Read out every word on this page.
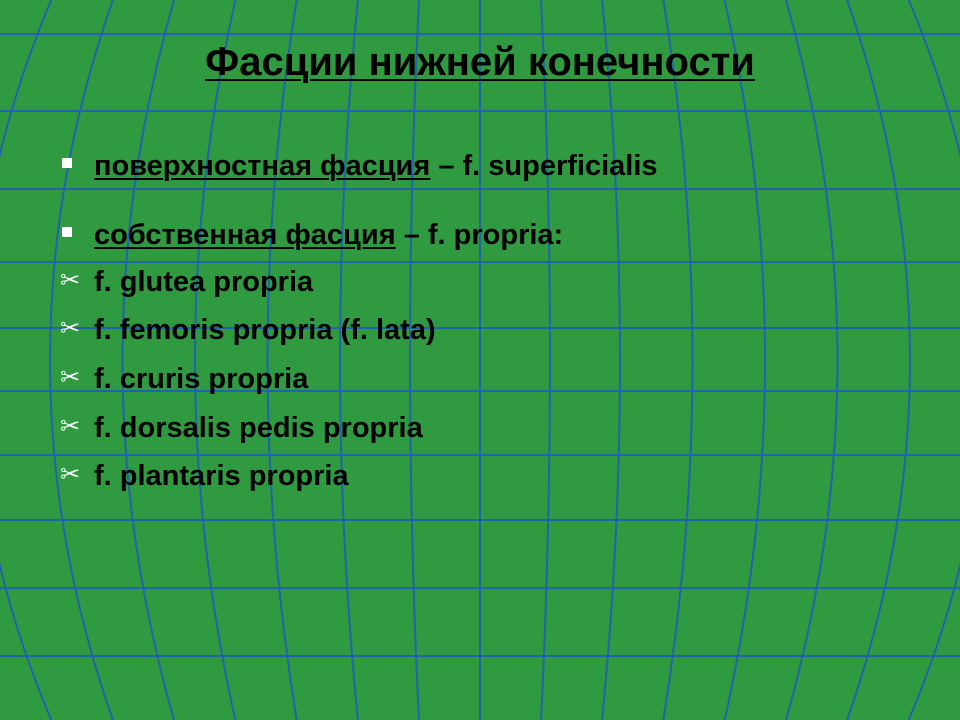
Фасции нижней конечности
поверхностная фасция – f. superficialis
собственная фасция – f. propria:
✂ f. glutea propria
✂ f. femoris propria (f. lata)
✂ f. cruris propria
✂ f. dorsalis pedis propria
✂ f. plantaris propria
